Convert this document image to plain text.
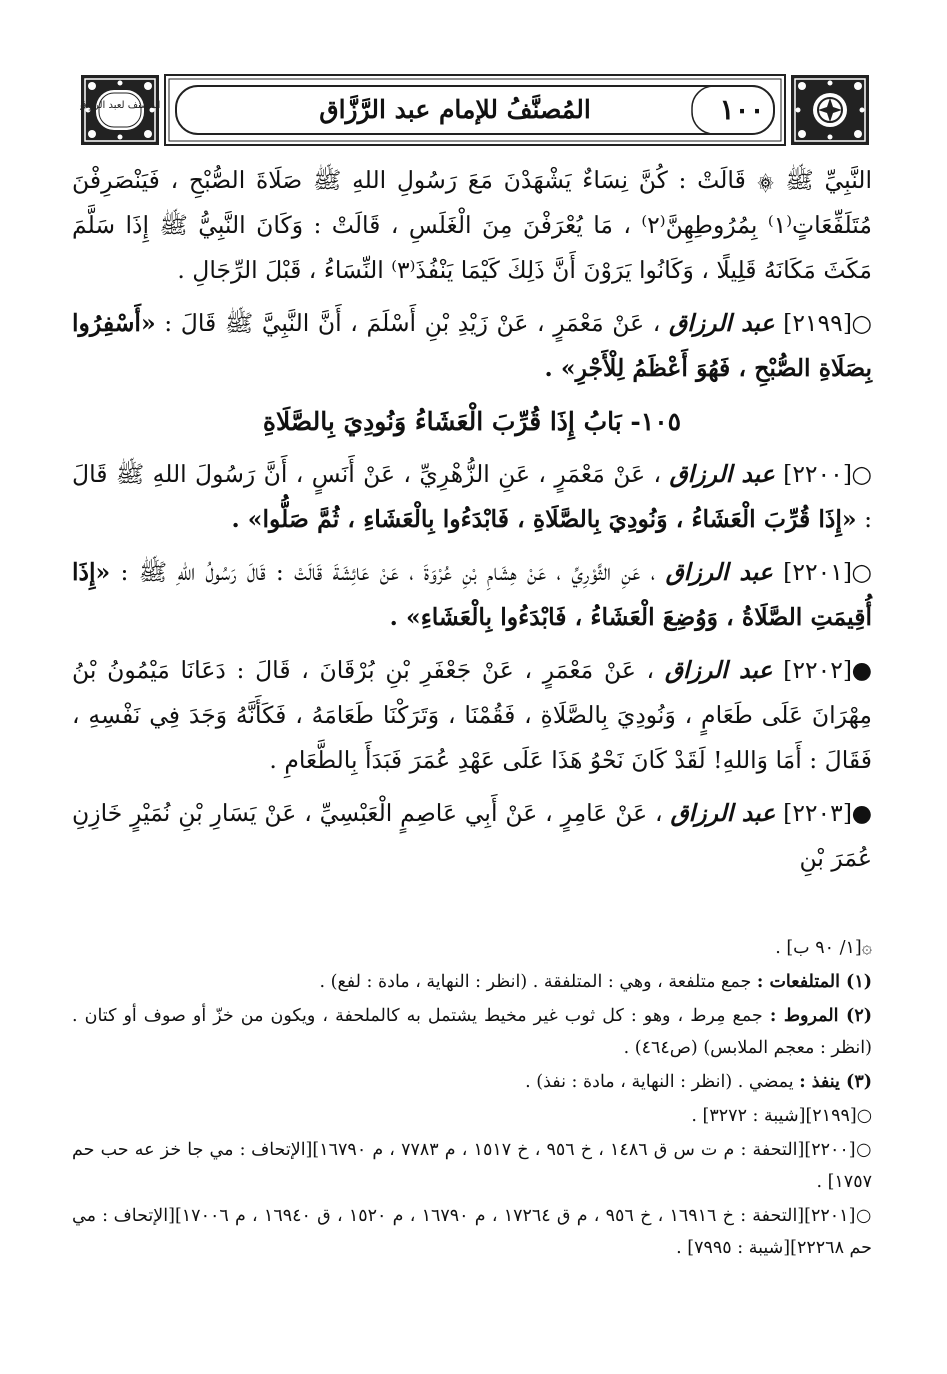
المصنف لعبد الرزاق	١٠٠
المُصنَّفُ للإمام عبد الرَّزَّاق

النَّبِيِّ ﷺ ۞ قَالَتْ : كُنَّ نِسَاءٌ يَشْهَدْنَ مَعَ رَسُولِ اللهِ ﷺ صَلَاةَ الصُّبْحِ ، فَيَنْصَرِفْنَ مُتَلَفِّعَاتٍ⁽١⁾ بِمُرُوطِهِنَّ⁽٢⁾ ، مَا يُعْرَفْنَ مِنَ الْغَلَسِ ، قَالَتْ : وَكَانَ النَّبِيُّ ﷺ إِذَا سَلَّمَ مَكَثَ مَكَانَهُ قَلِيلًا ، وَكَانُوا يَرَوْنَ أَنَّ ذَلِكَ كَيْمَا يَنْفُذَ⁽٣⁾ النِّسَاءُ ، قَبْلَ الرِّجَالِ .

○[٢١٩٩] عبد الرزاق ، عَنْ مَعْمَرٍ ، عَنْ زَيْدِ بْنِ أَسْلَمَ ، أَنَّ النَّبِيَّ ﷺ قَالَ : «أَسْفِرُوا بِصَلَاةِ الصُّبْحِ ، فَهُوَ أَعْظَمُ لِلْأَجْرِ» .

١٠٥- بَابُ إِذَا قُرِّبَ الْعَشَاءُ وَنُودِيَ بِالصَّلَاةِ

○[٢٢٠٠] عبد الرزاق ، عَنْ مَعْمَرٍ ، عَنِ الزُّهْرِيِّ ، عَنْ أَنَسٍ ، أَنَّ رَسُولَ اللهِ ﷺ قَالَ : «إِذَا قُرِّبَ الْعَشَاءُ ، وَنُودِيَ بِالصَّلَاةِ ، فَابْدَءُوا بِالْعَشَاءِ ، ثُمَّ صَلُّوا» .

○[٢٢٠١] عبد الرزاق ، عَنِ الثَّوْرِيِّ ، عَنْ هِشَامِ بْنِ عُرْوَةَ ، عَنْ عَائِشَةَ قَالَتْ : قَالَ رَسُولُ اللهِ ﷺ : «إِذَا أُقِيمَتِ الصَّلَاةُ ، وَوُضِعَ الْعَشَاءُ ، فَابْدَءُوا بِالْعَشَاءِ» .

●[٢٢٠٢] عبد الرزاق ، عَنْ مَعْمَرٍ ، عَنْ جَعْفَرِ بْنِ بُرْقَانَ ، قَالَ : دَعَانَا مَيْمُونُ بْنُ مِهْرَانَ عَلَى طَعَامٍ ، وَنُودِيَ بِالصَّلَاةِ ، فَقُمْنَا ، وَتَرَكْنَا طَعَامَهُ ، فَكَأَنَّهُ وَجَدَ فِي نَفْسِهِ ، فَقَالَ : أَمَا وَاللهِ! لَقَدْ كَانَ نَحْوُ هَذَا عَلَى عَهْدِ عُمَرَ فَبَدَأَ بِالطَّعَامِ .

●[٢٢٠٣] عبد الرزاق ، عَنْ عَامِرٍ ، عَنْ أَبِي عَاصِمٍ الْعَبْسِيِّ ، عَنْ يَسَارِ بْنِ نُمَيْرٍ خَازِنِ عُمَرَ بْنِ

۞[١/ ٩٠ ب] .

(١) المتلفعات : جمع متلفعة ، وهي : المتلفقة . (انظر : النهاية ، مادة : لفع) .

(٢) المروط : جمع مِرط ، وهو : كل ثوب غير مخيط يشتمل به كالملحفة ، ويكون من خزّ أو صوف أو كتان . (انظر : معجم الملابس) (ص٤٦٤) .

(٣) ينفذ : يمضي . (انظر : النهاية ، مادة : نفذ) .

○[٢١٩٩][شيبة : ٣٢٧٢] .

○[٢٢٠٠][التحفة : م ت س ق ١٤٨٦ ، خ ٩٥٦ ، خ ١٥١٧ ، م ٧٧٨٣ ، م ١٦٧٩٠][الإتحاف : مي جا خز عه حب حم ١٧٥٧] .

○[٢٢٠١][التحفة : خ ١٦٩١٦ ، خ ٩٥٦ ، م ق ١٧٢٦٤ ، م ١٦٧٩٠ ، م ١٥٢٠ ، ق ١٦٩٤٠ ، م ١٧٠٠٦][الإتحاف : مي حم ٢٢٢٦٨][شيبة : ٧٩٩٥] .
